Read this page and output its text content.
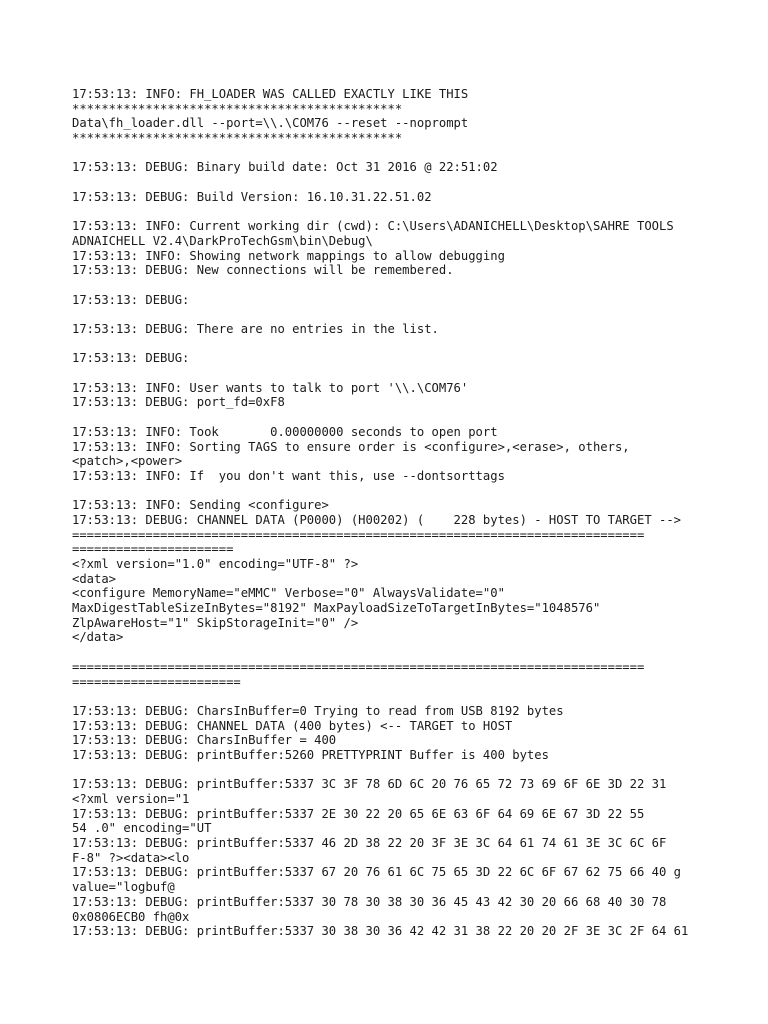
17:53:13: INFO: FH_LOADER WAS CALLED EXACTLY LIKE THIS
*********************************************
Data\fh_loader.dll --port=\\.\COM76 --reset --noprompt
*********************************************
17:53:13: DEBUG: Binary build date: Oct 31 2016 @ 22:51:02
17:53:13: DEBUG: Build Version: 16.10.31.22.51.02
17:53:13: INFO: Current working dir (cwd): C:\Users\ADANICHELL\Desktop\SAHRE TOOLS
ADNAICHELL V2.4\DarkProTechGsm\bin\Debug\
17:53:13: INFO: Showing network mappings to allow debugging
17:53:13: DEBUG: New connections will be remembered.
17:53:13: DEBUG:
17:53:13: DEBUG: There are no entries in the list.
17:53:13: DEBUG:
17:53:13: INFO: User wants to talk to port '\\.\COM76'
17:53:13: DEBUG: port_fd=0xF8
17:53:13: INFO: Took       0.00000000 seconds to open port
17:53:13: INFO: Sorting TAGS to ensure order is <configure>,<erase>, others,
<patch>,<power>
17:53:13: INFO: If  you don't want this, use --dontsorttags
17:53:13: INFO: Sending <configure>
17:53:13: DEBUG: CHANNEL DATA (P0000) (H00202) (    228 bytes) - HOST TO TARGET -->
==============================================================================
======================
<?xml version="1.0" encoding="UTF-8" ?>
<data>
<configure MemoryName="eMMC" Verbose="0" AlwaysValidate="0"
MaxDigestTableSizeInBytes="8192" MaxPayloadSizeToTargetInBytes="1048576"
ZlpAwareHost="1" SkipStorageInit="0" />
</data>
==============================================================================
=======================
17:53:13: DEBUG: CharsInBuffer=0 Trying to read from USB 8192 bytes
17:53:13: DEBUG: CHANNEL DATA (400 bytes) <-- TARGET to HOST
17:53:13: DEBUG: CharsInBuffer = 400
17:53:13: DEBUG: printBuffer:5260 PRETTYPRINT Buffer is 400 bytes
17:53:13: DEBUG: printBuffer:5337 3C 3F 78 6D 6C 20 76 65 72 73 69 6F 6E 3D 22 31
<?xml version="1
17:53:13: DEBUG: printBuffer:5337 2E 30 22 20 65 6E 63 6F 64 69 6E 67 3D 22 55
54 .0" encoding="UT
17:53:13: DEBUG: printBuffer:5337 46 2D 38 22 20 3F 3E 3C 64 61 74 61 3E 3C 6C 6F
F-8" ?><data><lo
17:53:13: DEBUG: printBuffer:5337 67 20 76 61 6C 75 65 3D 22 6C 6F 67 62 75 66 40 g
value="logbuf@
17:53:13: DEBUG: printBuffer:5337 30 78 30 38 30 36 45 43 42 30 20 66 68 40 30 78
0x0806ECB0 fh@0x
17:53:13: DEBUG: printBuffer:5337 30 38 30 36 42 42 31 38 22 20 20 2F 3E 3C 2F 64 61
